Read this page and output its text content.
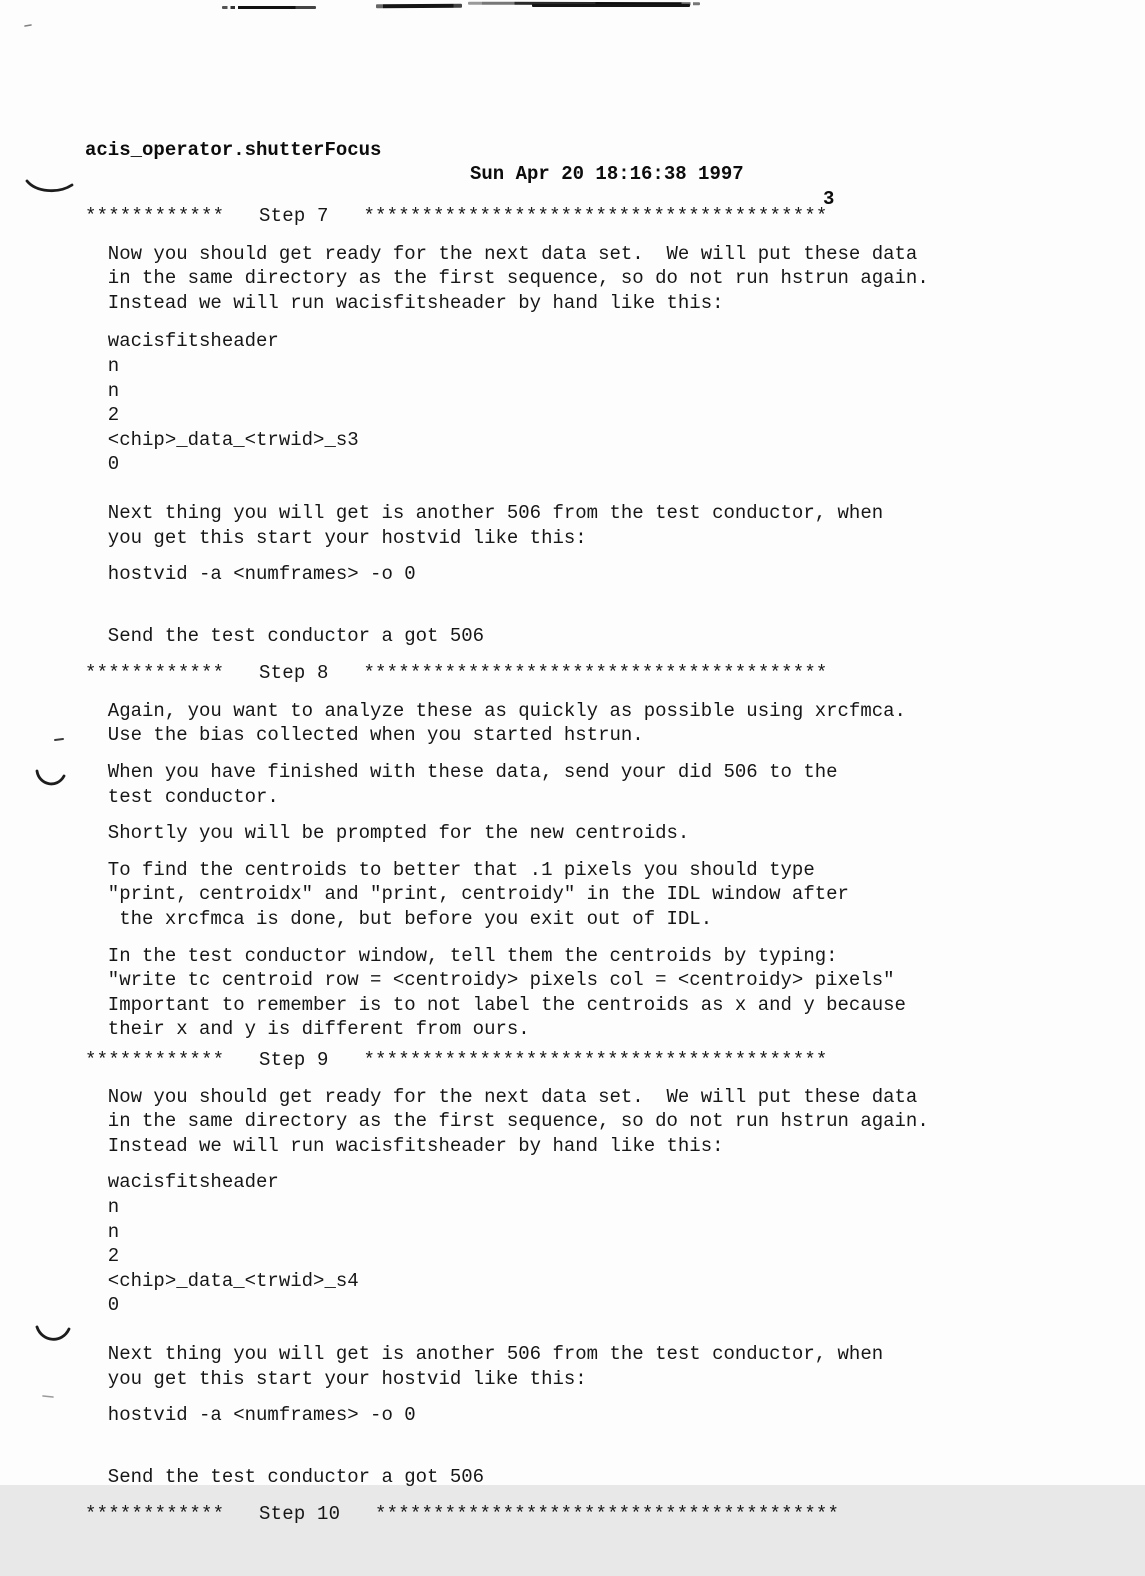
acis_operator.shutterFocus

Sun Apr 20 18:16:38 1997

3

************   Step 7   ****************************************
Now you should get ready for the next data set.  We will put these data
in the same directory as the first sequence, so do not run hstrun again.
Instead we will run wacisfitsheader by hand like this:
wacisfitsheader
n
n
2
<chip>_data_<trwid>_s3
0
Next thing you will get is another 506 from the test conductor, when
you get this start your hostvid like this:
hostvid -a <numframes> -o 0
Send the test conductor a got 506
************   Step 8   ****************************************
Again, you want to analyze these as quickly as possible using xrcfmca.
Use the bias collected when you started hstrun.
When you have finished with these data, send your did 506 to the
test conductor.
Shortly you will be prompted for the new centroids.
To find the centroids to better that .1 pixels you should type
"print, centroidx" and "print, centroidy" in the IDL window after
the xrcfmca is done, but before you exit out of IDL.
In the test conductor window, tell them the centroids by typing:
"write tc centroid row = <centroidy> pixels col = <centroidy> pixels"
Important to remember is to not label the centroids as x and y because
their x and y is different from ours.
************   Step 9   ****************************************
Now you should get ready for the next data set.  We will put these data
in the same directory as the first sequence, so do not run hstrun again.
Instead we will run wacisfitsheader by hand like this:
wacisfitsheader
n
n
2
<chip>_data_<trwid>_s4
0
Next thing you will get is another 506 from the test conductor, when
you get this start your hostvid like this:
hostvid -a <numframes> -o 0
Send the test conductor a got 506
************   Step 10   ****************************************
